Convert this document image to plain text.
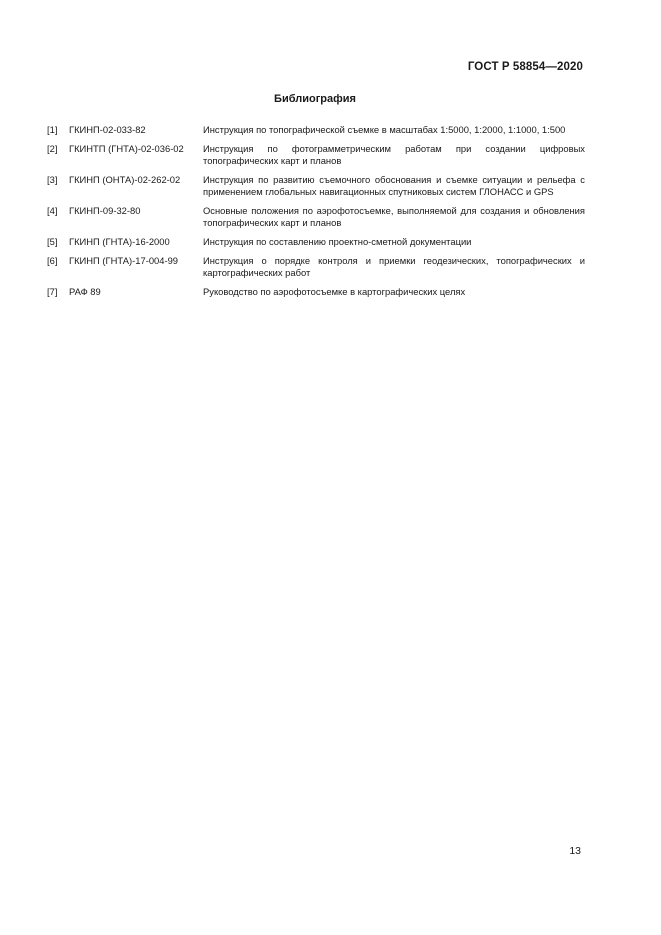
ГОСТ Р 58854—2020
Библиография
[1]	ГКИНП-02-033-82	Инструкция по топографической съемке в масштабах 1:5000, 1:2000, 1:1000, 1:500
[2]	ГКИНТП (ГНТА)-02-036-02	Инструкция по фотограмметрическим работам при создании цифровых топографических карт и планов
[3]	ГКИНП (ОНТА)-02-262-02	Инструкция по развитию съемочного обоснования и съемке ситуации и рельефа с применением глобальных навигационных спутниковых систем ГЛОНАСС и GPS
[4]	ГКИНП-09-32-80	Основные положения по аэрофотосъемке, выполняемой для создания и обновления топографических карт и планов
[5]	ГКИНП (ГНТА)-16-2000	Инструкция по составлению проектно-сметной документации
[6]	ГКИНП (ГНТА)-17-004-99	Инструкция о порядке контроля и приемки геодезических, топографических и картографических работ
[7]	РАФ 89	Руководство по аэрофотосъемке в картографических целях
13
